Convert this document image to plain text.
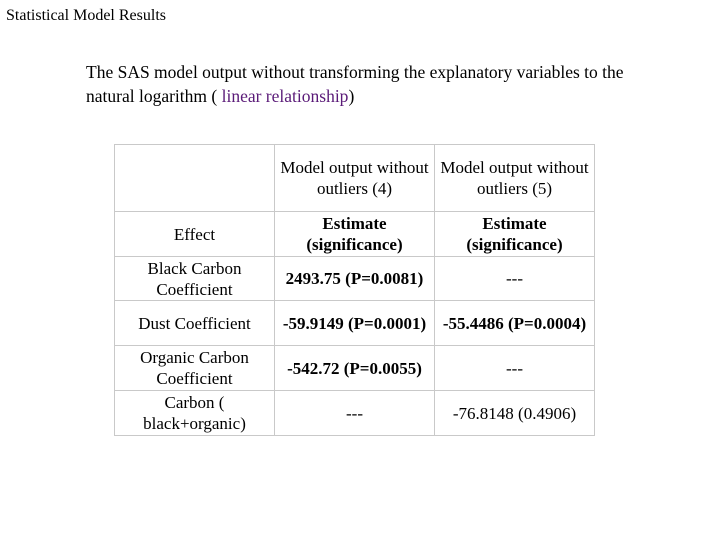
Statistical Model Results
The SAS model output without transforming the explanatory variables to the natural logarithm ( linear relationship)
	Model output without outliers (4)	Model output without outliers (5)
Effect	Estimate (significance)	Estimate (significance)
Black Carbon Coefficient	2493.75 (P=0.0081)	---
Dust Coefficient	-59.9149 (P=0.0001)	-55.4486 (P=0.0004)
Organic Carbon Coefficient	-542.72 (P=0.0055)	---
Carbon ( black+organic)	---	-76.8148 (0.4906)
